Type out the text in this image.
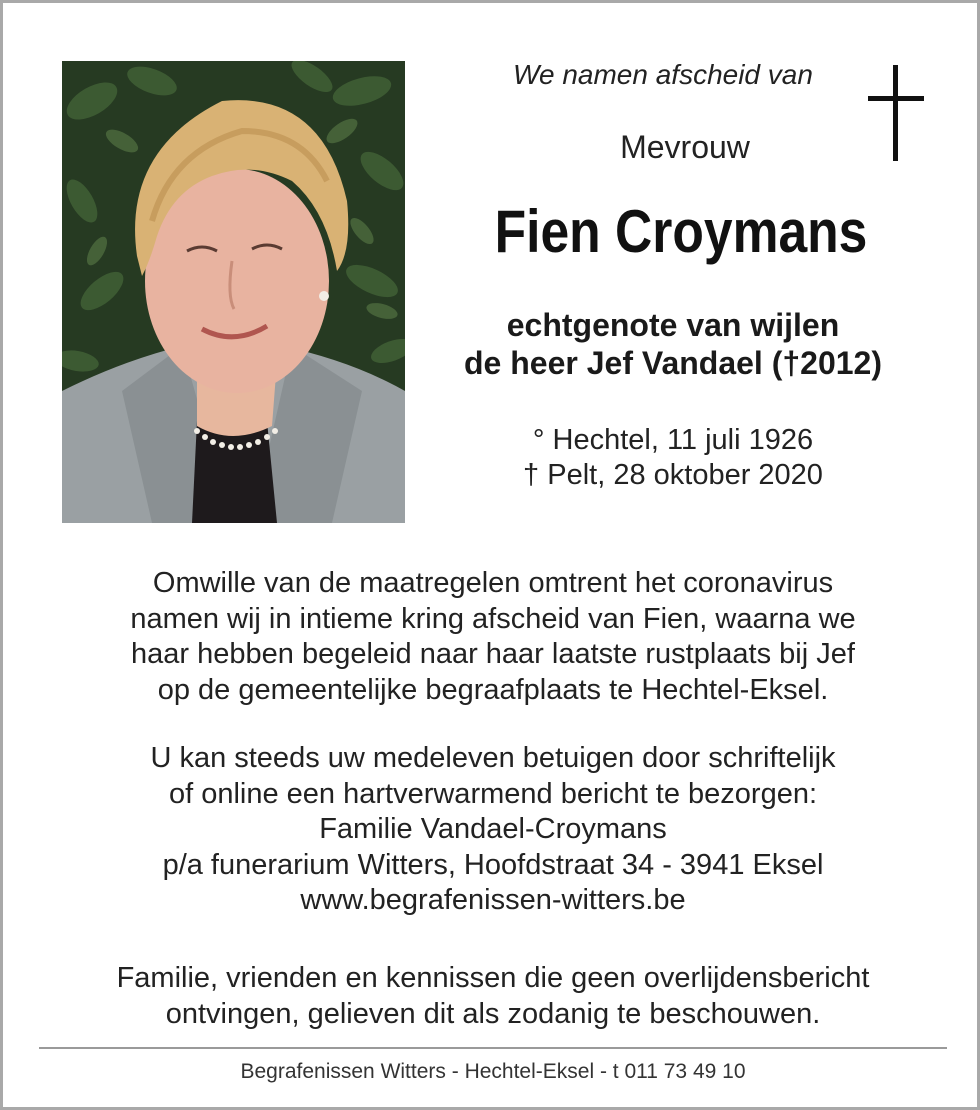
We namen afscheid van
Mevrouw
Fien Croymans
echtgenote van wijlen
de heer Jef Vandael (†2012)
° Hechtel, 11 juli 1926
† Pelt, 28 oktober 2020
Omwille van de maatregelen omtrent het coronavirus
namen wij in intieme kring afscheid van Fien, waarna we
haar hebben begeleid naar haar laatste rustplaats bij Jef
op de gemeentelijke begraafplaats te Hechtel-Eksel.
U kan steeds uw medeleven betuigen door schriftelijk
of online een hartverwarmend bericht te bezorgen:
Familie Vandael-Croymans
p/a funerarium Witters, Hoofdstraat 34 - 3941 Eksel
www.begrafenissen-witters.be
Familie, vrienden en kennissen die geen overlijdensbericht
ontvingen, gelieven dit als zodanig te beschouwen.
Begrafenissen Witters - Hechtel-Eksel - t 011 73 49 10
